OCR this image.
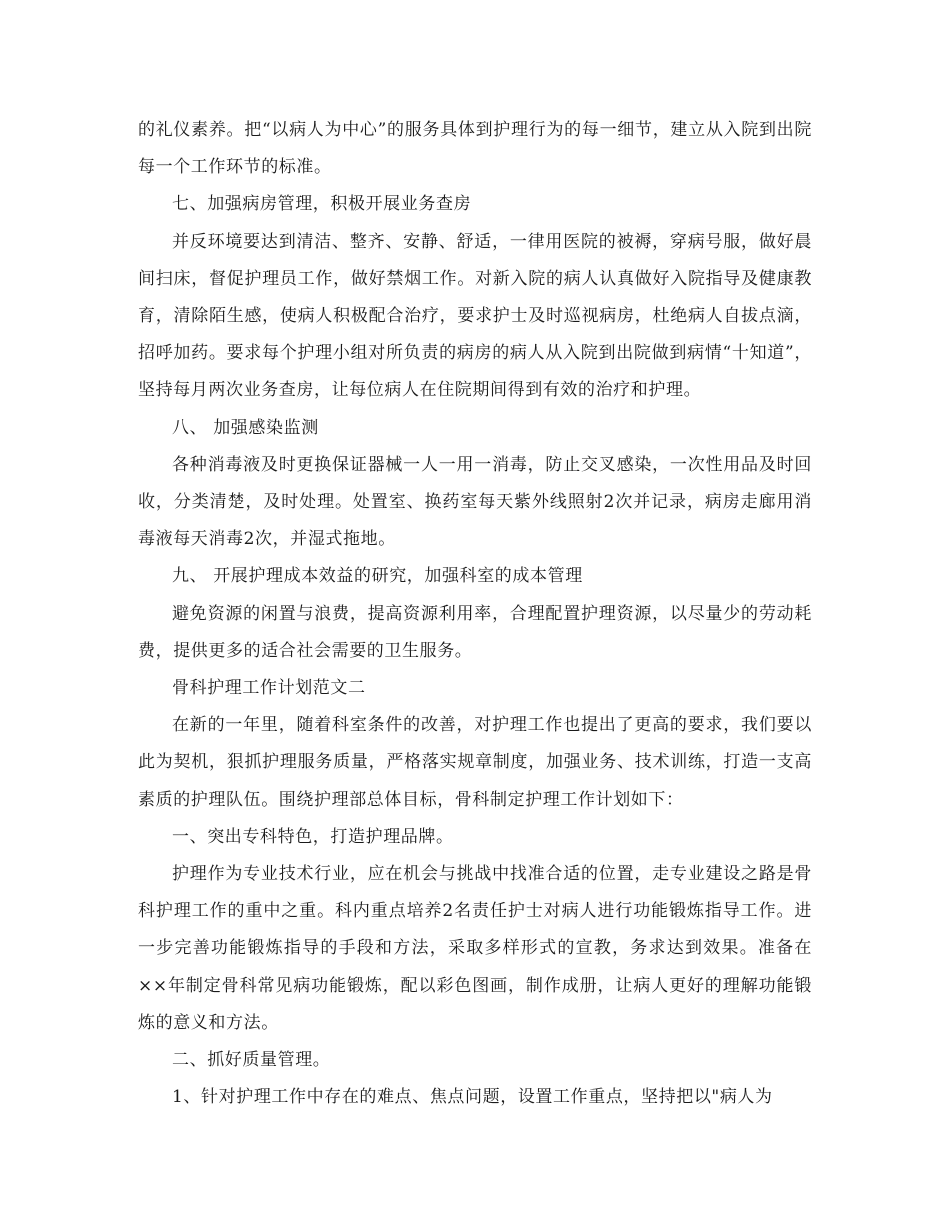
的礼仪素养。把“以病人为中心”的服务具体到护理行为的每一细节，建立从入院到出院每一个工作环节的标准。

七、加强病房管理，积极开展业务查房

并反环境要达到清洁、整齐、安静、舒适，一律用医院的被褥，穿病号服，做好晨间扫床，督促护理员工作，做好禁烟工作。对新入院的病人认真做好入院指导及健康教育，清除陌生感，使病人积极配合治疗，要求护士及时巡视病房，杜绝病人自拔点滴，招呼加药。要求每个护理小组对所负责的病房的病人从入院到出院做到病情“十知道”，坚持每月两次业务查房，让每位病人在住院期间得到有效的治疗和护理。

八、 加强感染监测

各种消毒液及时更换保证器械一人一用一消毒，防止交叉感染，一次性用品及时回收，分类清楚，及时处理。处置室、换药室每天紫外线照射2次并记录，病房走廊用消毒液每天消毒2次，并湿式拖地。

九、 开展护理成本效益的研究，加强科室的成本管理

避免资源的闲置与浪费，提高资源利用率，合理配置护理资源，以尽量少的劳动耗费，提供更多的适合社会需要的卫生服务。

骨科护理工作计划范文二

在新的一年里，随着科室条件的改善，对护理工作也提出了更高的要求，我们要以此为契机，狠抓护理服务质量，严格落实规章制度，加强业务、技术训练，打造一支高素质的护理队伍。围绕护理部总体目标，骨科制定护理工作计划如下：

一、突出专科特色，打造护理品牌。

护理作为专业技术行业，应在机会与挑战中找准合适的位置，走专业建设之路是骨科护理工作的重中之重。科内重点培养2名责任护士对病人进行功能锻炼指导工作。进一步完善功能锻炼指导的手段和方法，采取多样形式的宣教，务求达到效果。准备在××年制定骨科常见病功能锻炼，配以彩色图画，制作成册，让病人更好的理解功能锻炼的意义和方法。

二、抓好质量管理。

1、针对护理工作中存在的难点、焦点问题，设置工作重点，坚持把以"病人为
